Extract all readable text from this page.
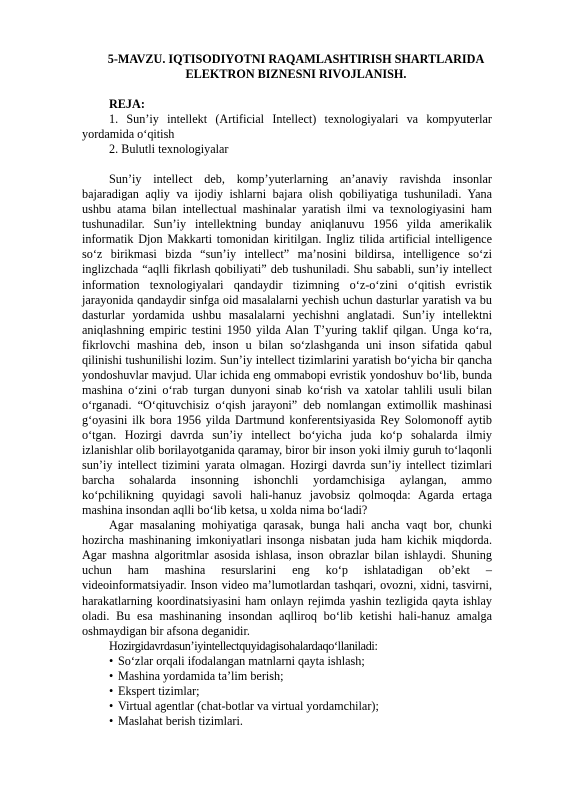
5-MAVZU. IQTISODIYOTNI RAQAMLASHTIRISH SHARTLARIDA
ELEKTRON BIZNESNI RIVOJLANISH.
REJA:
1. Sun’iy intellekt (Artificial Intellect) texnologiyalari va kompyuterlar yordamida o‘qitish
2. Bulutli texnologiyalar

Sun’iy intellect deb, komp’yuterlarning an’anaviy ravishda insonlar bajaradigan aqliy va ijodiy ishlarni bajara olish qobiliyatiga tushuniladi. Yana ushbu atama bilan intellectual mashinalar yaratish ilmi va texnologiyasini ham tushunadilar. Sun’iy intellektning bunday aniqlanuvu 1956 yilda amerikalik informatik Djon Makkarti tomonidan kiritilgan. Ingliz tilida artificial intelligence so‘z birikmasi bizda “sun’iy intellect” ma’nosini bildirsa, intelligence so‘zi inglizchada “aqlli fikrlash qobiliyati” deb tushuniladi. Shu sababli, sun’iy intellect information texnologiyalari qandaydir tizimning o‘z-o‘zini o‘qitish evristik jarayonida qandaydir sinfga oid masalalarni yechish uchun dasturlar yaratish va bu dasturlar yordamida ushbu masalalarni yechishni anglatadi. Sun’iy intellektni aniqlashning empiric testini 1950 yilda Alan T’yuring taklif qilgan. Unga ko‘ra, fikrlovchi mashina deb, inson u bilan so‘zlashganda uni inson sifatida qabul qilinishi tushunilishi lozim. Sun’iy intellect tizimlarini yaratish bo‘yicha bir qancha yondoshuvlar mavjud. Ular ichida eng ommabopi evristik yondoshuv bo‘lib, bunda mashina o‘zini o‘rab turgan dunyoni sinab ko‘rish va xatolar tahlili usuli bilan o‘rganadi. “O‘qituvchisiz o‘qish jarayoni” deb nomlangan extimollik mashinasi g‘oyasini ilk bora 1956 yilda Dartmund konferentsiyasida Rey Solomonoff aytib o‘tgan. Hozirgi davrda sun’iy intellect bo‘yicha juda ko‘p sohalarda ilmiy izlanishlar olib borilayotganida qaramay, biror bir inson yoki ilmiy guruh to‘laqonli sun’iy intellect tizimini yarata olmagan. Hozirgi davrda sun’iy intellect tizimlari barcha sohalarda insonning ishonchli yordamchisiga aylangan, ammo ko‘pchilikning quyidagi savoli hali-hanuz javobsiz qolmoqda: Agarda ertaga mashina insondan aqlli bo‘lib ketsa, u xolda nima bo‘ladi?

Agar masalaning mohiyatiga qarasak, bunga hali ancha vaqt bor, chunki hozircha mashinaning imkoniyatlari insonga nisbatan juda ham kichik miqdorda. Agar mashna algoritmlar asosida ishlasa, inson obrazlar bilan ishlaydi. Shuning uchun ham mashina resurslarini eng ko‘p ishlatadigan ob’ekt – videoinformatsiyadir. Inson video ma’lumotlardan tashqari, ovozni, xidni, tasvirni, harakatlarning koordinatsiyasini ham onlayn rejimda yashin tezligida qayta ishlay oladi. Bu esa mashinaning insondan aqlliroq bo‘lib ketishi hali-hanuz amalga oshmaydigan bir afsona deganidir.

Hozirgidavrdasun’iyintellectquyidagisohalardaqo‘llaniladi:
• So‘zlar orqali ifodalangan matnlarni qayta ishlash;
• Mashina yordamida ta’lim berish;
• Ekspert tizimlar;
• Virtual agentlar (chat-botlar va virtual yordamchilar);
• Maslahat berish tizimlari.
